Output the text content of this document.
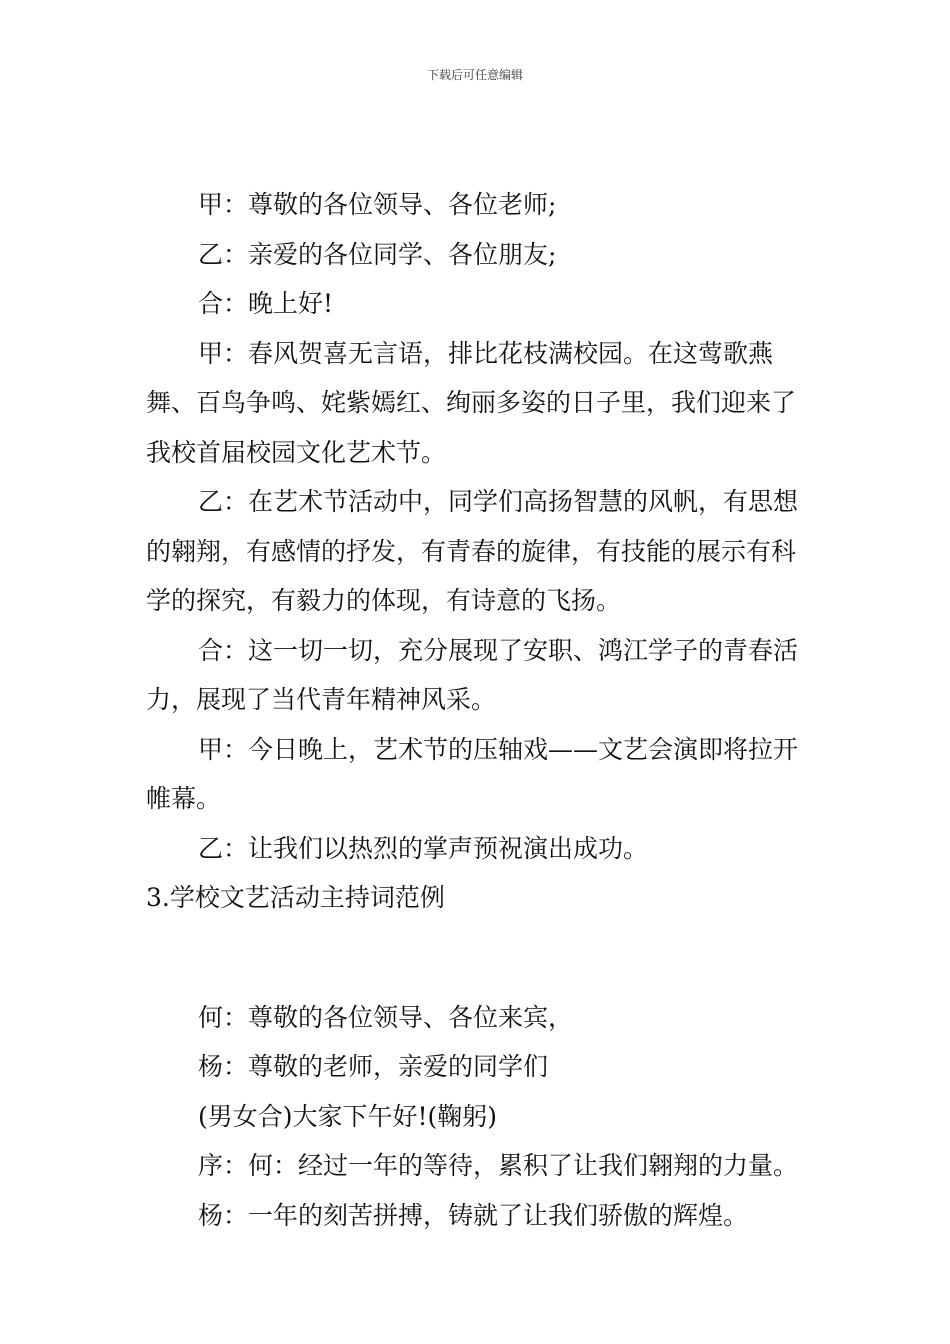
下载后可任意编辑

甲：尊敬的各位领导、各位老师;

乙：亲爱的各位同学、各位朋友;

合：晚上好!

甲：春风贺喜无言语，排比花枝满校园。在这莺歌燕舞、百鸟争鸣、姹紫嫣红、绚丽多姿的日子里，我们迎来了我校首届校园文化艺术节。

乙：在艺术节活动中，同学们高扬智慧的风帆，有思想的翱翔，有感情的抒发，有青春的旋律，有技能的展示有科学的探究，有毅力的体现，有诗意的飞扬。

合：这一切一切，充分展现了安职、鸿江学子的青春活力，展现了当代青年精神风采。

甲：今日晚上，艺术节的压轴戏——文艺会演即将拉开帷幕。

乙：让我们以热烈的掌声预祝演出成功。

3.学校文艺活动主持词范例

何：尊敬的各位领导、各位来宾，

杨：尊敬的老师，亲爱的同学们

(男女合)大家下午好!(鞠躬)

序：何：经过一年的等待，累积了让我们翱翔的力量。

杨：一年的刻苦拼搏，铸就了让我们骄傲的辉煌。
